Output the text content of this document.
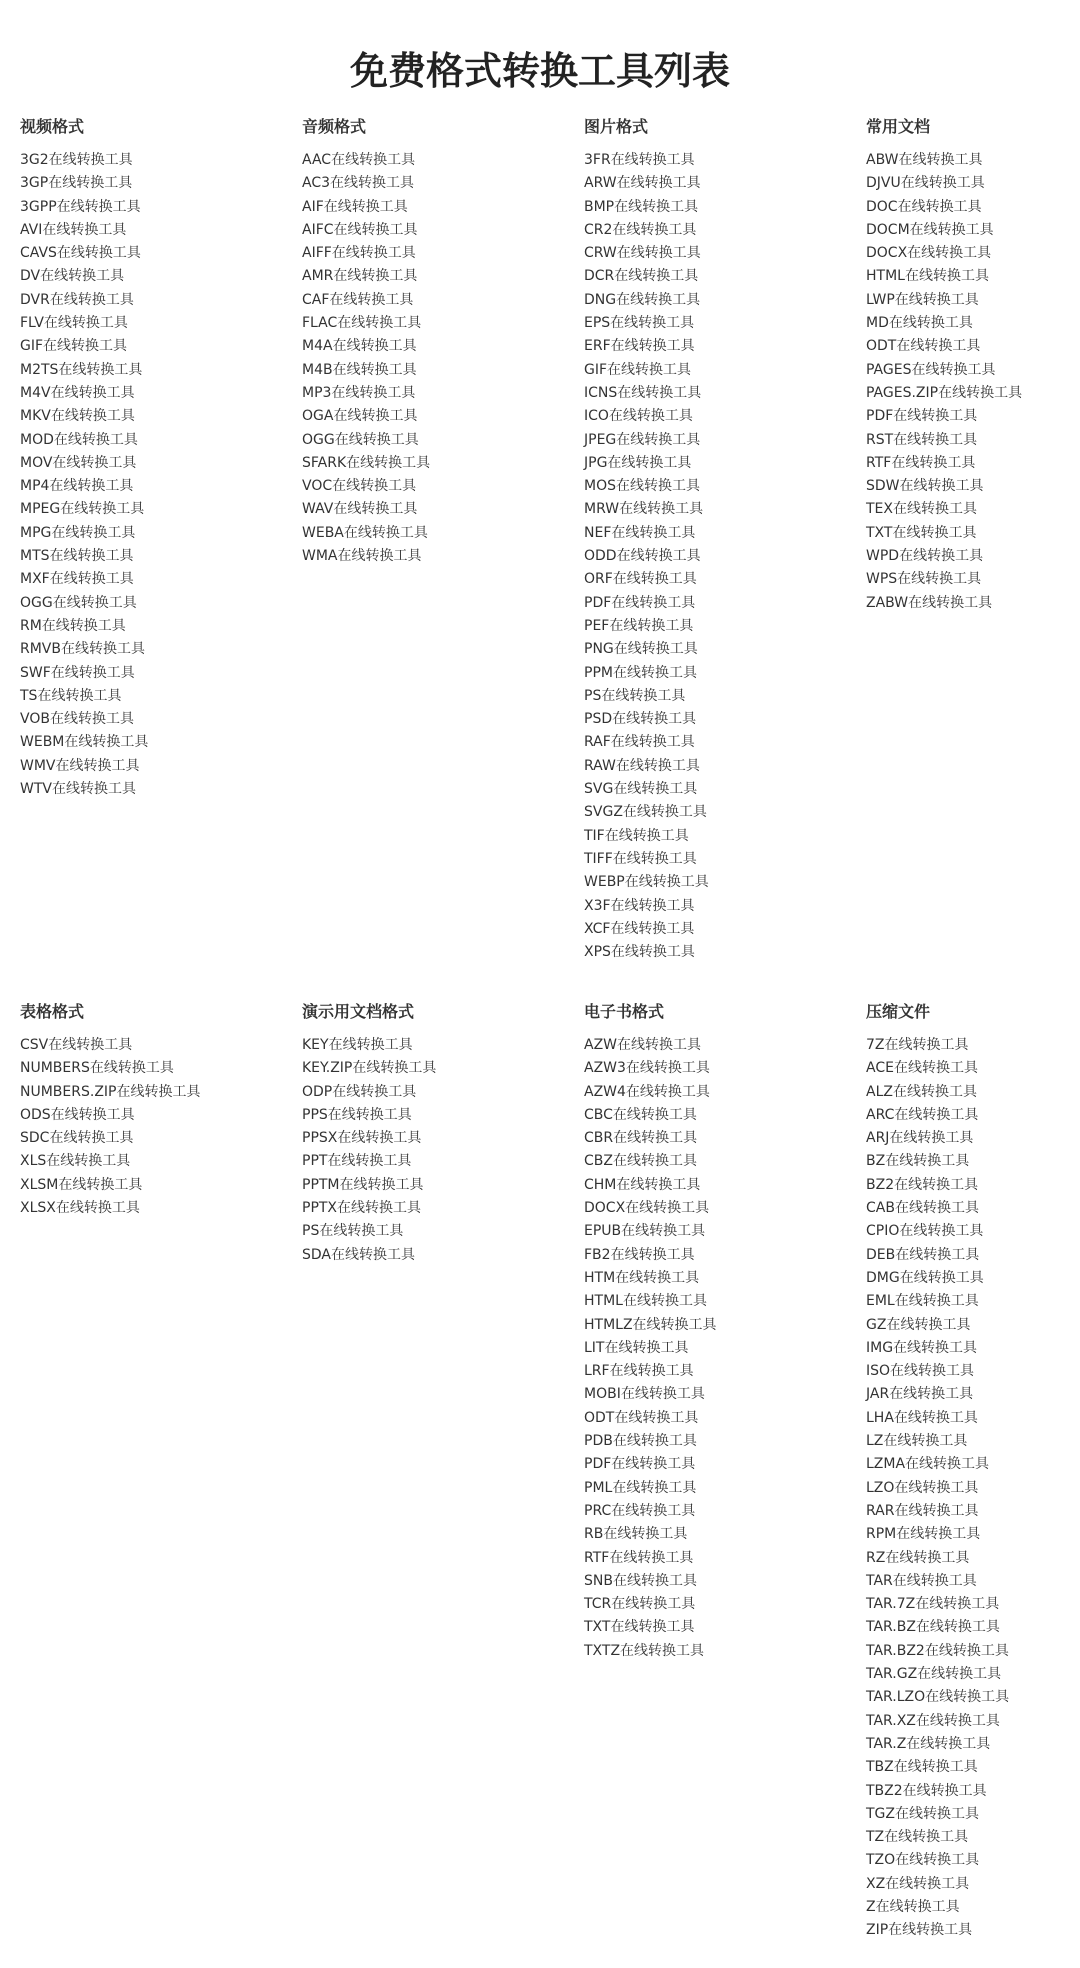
免费格式转换工具列表
视频格式
3G2在线转换工具
3GP在线转换工具
3GPP在线转换工具
AVI在线转换工具
CAVS在线转换工具
DV在线转换工具
DVR在线转换工具
FLV在线转换工具
GIF在线转换工具
M2TS在线转换工具
M4V在线转换工具
MKV在线转换工具
MOD在线转换工具
MOV在线转换工具
MP4在线转换工具
MPEG在线转换工具
MPG在线转换工具
MTS在线转换工具
MXF在线转换工具
OGG在线转换工具
RM在线转换工具
RMVB在线转换工具
SWF在线转换工具
TS在线转换工具
VOB在线转换工具
WEBM在线转换工具
WMV在线转换工具
WTV在线转换工具
音频格式
AAC在线转换工具
AC3在线转换工具
AIF在线转换工具
AIFC在线转换工具
AIFF在线转换工具
AMR在线转换工具
CAF在线转换工具
FLAC在线转换工具
M4A在线转换工具
M4B在线转换工具
MP3在线转换工具
OGA在线转换工具
OGG在线转换工具
SFARK在线转换工具
VOC在线转换工具
WAV在线转换工具
WEBA在线转换工具
WMA在线转换工具
图片格式
3FR在线转换工具
ARW在线转换工具
BMP在线转换工具
CR2在线转换工具
CRW在线转换工具
DCR在线转换工具
DNG在线转换工具
EPS在线转换工具
ERF在线转换工具
GIF在线转换工具
ICNS在线转换工具
ICO在线转换工具
JPEG在线转换工具
JPG在线转换工具
MOS在线转换工具
MRW在线转换工具
NEF在线转换工具
ODD在线转换工具
ORF在线转换工具
PDF在线转换工具
PEF在线转换工具
PNG在线转换工具
PPM在线转换工具
PS在线转换工具
PSD在线转换工具
RAF在线转换工具
RAW在线转换工具
SVG在线转换工具
SVGZ在线转换工具
TIF在线转换工具
TIFF在线转换工具
WEBP在线转换工具
X3F在线转换工具
XCF在线转换工具
XPS在线转换工具
常用文档
ABW在线转换工具
DJVU在线转换工具
DOC在线转换工具
DOCM在线转换工具
DOCX在线转换工具
HTML在线转换工具
LWP在线转换工具
MD在线转换工具
ODT在线转换工具
PAGES在线转换工具
PAGES.ZIP在线转换工具
PDF在线转换工具
RST在线转换工具
RTF在线转换工具
SDW在线转换工具
TEX在线转换工具
TXT在线转换工具
WPD在线转换工具
WPS在线转换工具
ZABW在线转换工具
表格格式
CSV在线转换工具
NUMBERS在线转换工具
NUMBERS.ZIP在线转换工具
ODS在线转换工具
SDC在线转换工具
XLS在线转换工具
XLSM在线转换工具
XLSX在线转换工具
演示用文档格式
KEY在线转换工具
KEY.ZIP在线转换工具
ODP在线转换工具
PPS在线转换工具
PPSX在线转换工具
PPT在线转换工具
PPTM在线转换工具
PPTX在线转换工具
PS在线转换工具
SDA在线转换工具
电子书格式
AZW在线转换工具
AZW3在线转换工具
AZW4在线转换工具
CBC在线转换工具
CBR在线转换工具
CBZ在线转换工具
CHM在线转换工具
DOCX在线转换工具
EPUB在线转换工具
FB2在线转换工具
HTM在线转换工具
HTML在线转换工具
HTMLZ在线转换工具
LIT在线转换工具
LRF在线转换工具
MOBI在线转换工具
ODT在线转换工具
PDB在线转换工具
PDF在线转换工具
PML在线转换工具
PRC在线转换工具
RB在线转换工具
RTF在线转换工具
SNB在线转换工具
TCR在线转换工具
TXT在线转换工具
TXTZ在线转换工具
压缩文件
7Z在线转换工具
ACE在线转换工具
ALZ在线转换工具
ARC在线转换工具
ARJ在线转换工具
BZ在线转换工具
BZ2在线转换工具
CAB在线转换工具
CPIO在线转换工具
DEB在线转换工具
DMG在线转换工具
EML在线转换工具
GZ在线转换工具
IMG在线转换工具
ISO在线转换工具
JAR在线转换工具
LHA在线转换工具
LZ在线转换工具
LZMA在线转换工具
LZO在线转换工具
RAR在线转换工具
RPM在线转换工具
RZ在线转换工具
TAR在线转换工具
TAR.7Z在线转换工具
TAR.BZ在线转换工具
TAR.BZ2在线转换工具
TAR.GZ在线转换工具
TAR.LZO在线转换工具
TAR.XZ在线转换工具
TAR.Z在线转换工具
TBZ在线转换工具
TBZ2在线转换工具
TGZ在线转换工具
TZ在线转换工具
TZO在线转换工具
XZ在线转换工具
Z在线转换工具
ZIP在线转换工具
